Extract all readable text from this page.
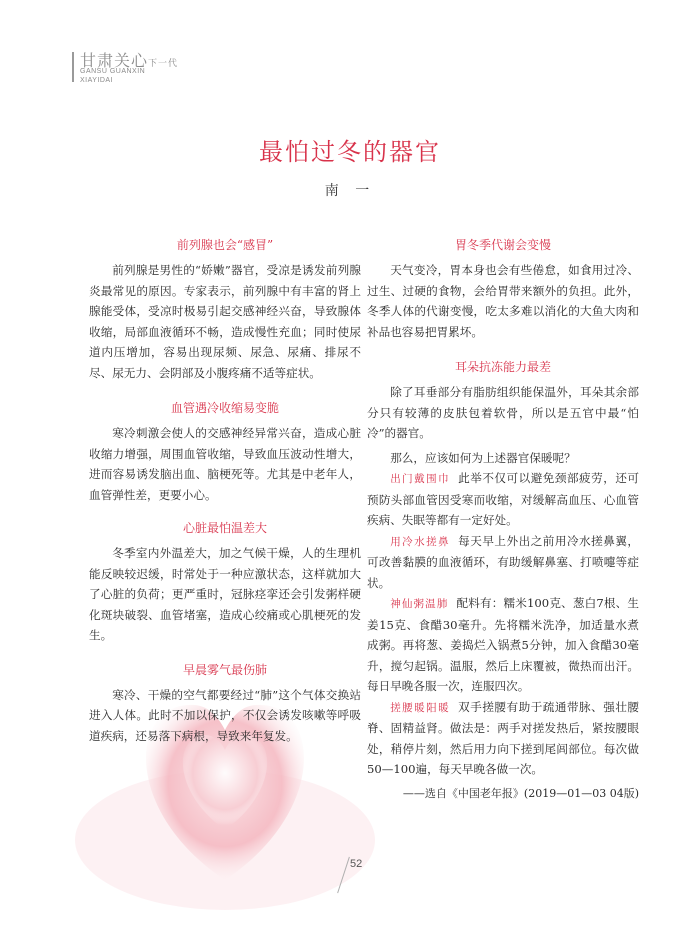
甘肃关心下一代
GANSU GUANXIN
XIAYIDAI
最怕过冬的器官
南 一
前列腺也会“感冒”

前列腺是男性的“娇嫩”器官，受凉是诱发前列腺炎最常见的原因。专家表示，前列腺中有丰富的肾上腺能受体，受凉时极易引起交感神经兴奋，导致腺体收缩，局部血液循环不畅，造成慢性充血；同时使尿道内压增加，容易出现尿频、尿急、尿痛、排尿不尽、尿无力、会阴部及小腹疼痛不适等症状。

血管遇冷收缩易变脆

寒冷刺激会使人的交感神经异常兴奋，造成心脏收缩力增强，周围血管收缩，导致血压波动性增大，进而容易诱发脑出血、脑梗死等。尤其是中老年人，血管弹性差，更要小心。

心脏最怕温差大

冬季室内外温差大，加之气候干燥，人的生理机能反映较迟缓，时常处于一种应激状态，这样就加大了心脏的负荷；更严重时，冠脉痉挛还会引发粥样硬化斑块破裂、血管堵塞，造成心绞痛或心肌梗死的发生。

早晨雾气最伤肺

寒冷、干燥的空气都要经过“肺”这个气体交换站进入人体。此时不加以保护，不仅会诱发咳嗽等呼吸道疾病，还易落下病根，导致来年复发。

胃冬季代谢会变慢

天气变冷，胃本身也会有些倦怠，如食用过冷、过生、过硬的食物，会给胃带来额外的负担。此外，冬季人体的代谢变慢，吃太多难以消化的大鱼大肉和补品也容易把胃累坏。

耳朵抗冻能力最差

除了耳垂部分有脂肪组织能保温外，耳朵其余部分只有较薄的皮肤包着软骨，所以是五官中最“怕冷”的器官。

那么，应该如何为上述器官保暖呢？

出门戴围巾 此举不仅可以避免颈部疲劳，还可预防头部血管因受寒而收缩，对缓解高血压、心血管疾病、失眠等都有一定好处。

用冷水搓鼻 每天早上外出之前用冷水搓鼻翼，可改善黏膜的血液循环，有助缓解鼻塞、打喷嚏等症状。

神仙粥温肺 配料有：糯米100克、葱白7根、生姜15克、食醋30毫升。先将糯米洗净，加适量水煮成粥。再将葱、姜捣烂入锅煮5分钟，加入食醋30毫升，搅匀起锅。温服，然后上床覆被，微热而出汗。每日早晚各服一次，连服四次。

搓腰暖阳暖 双手搓腰有助于疏通带脉、强壮腰脊、固精益肾。做法是：两手对搓发热后，紧按腰眼处，稍停片刻，然后用力向下搓到尾闾部位。每次做50—100遍，每天早晚各做一次。

——选自《中国老年报》(2019—01—03 04版)
52
